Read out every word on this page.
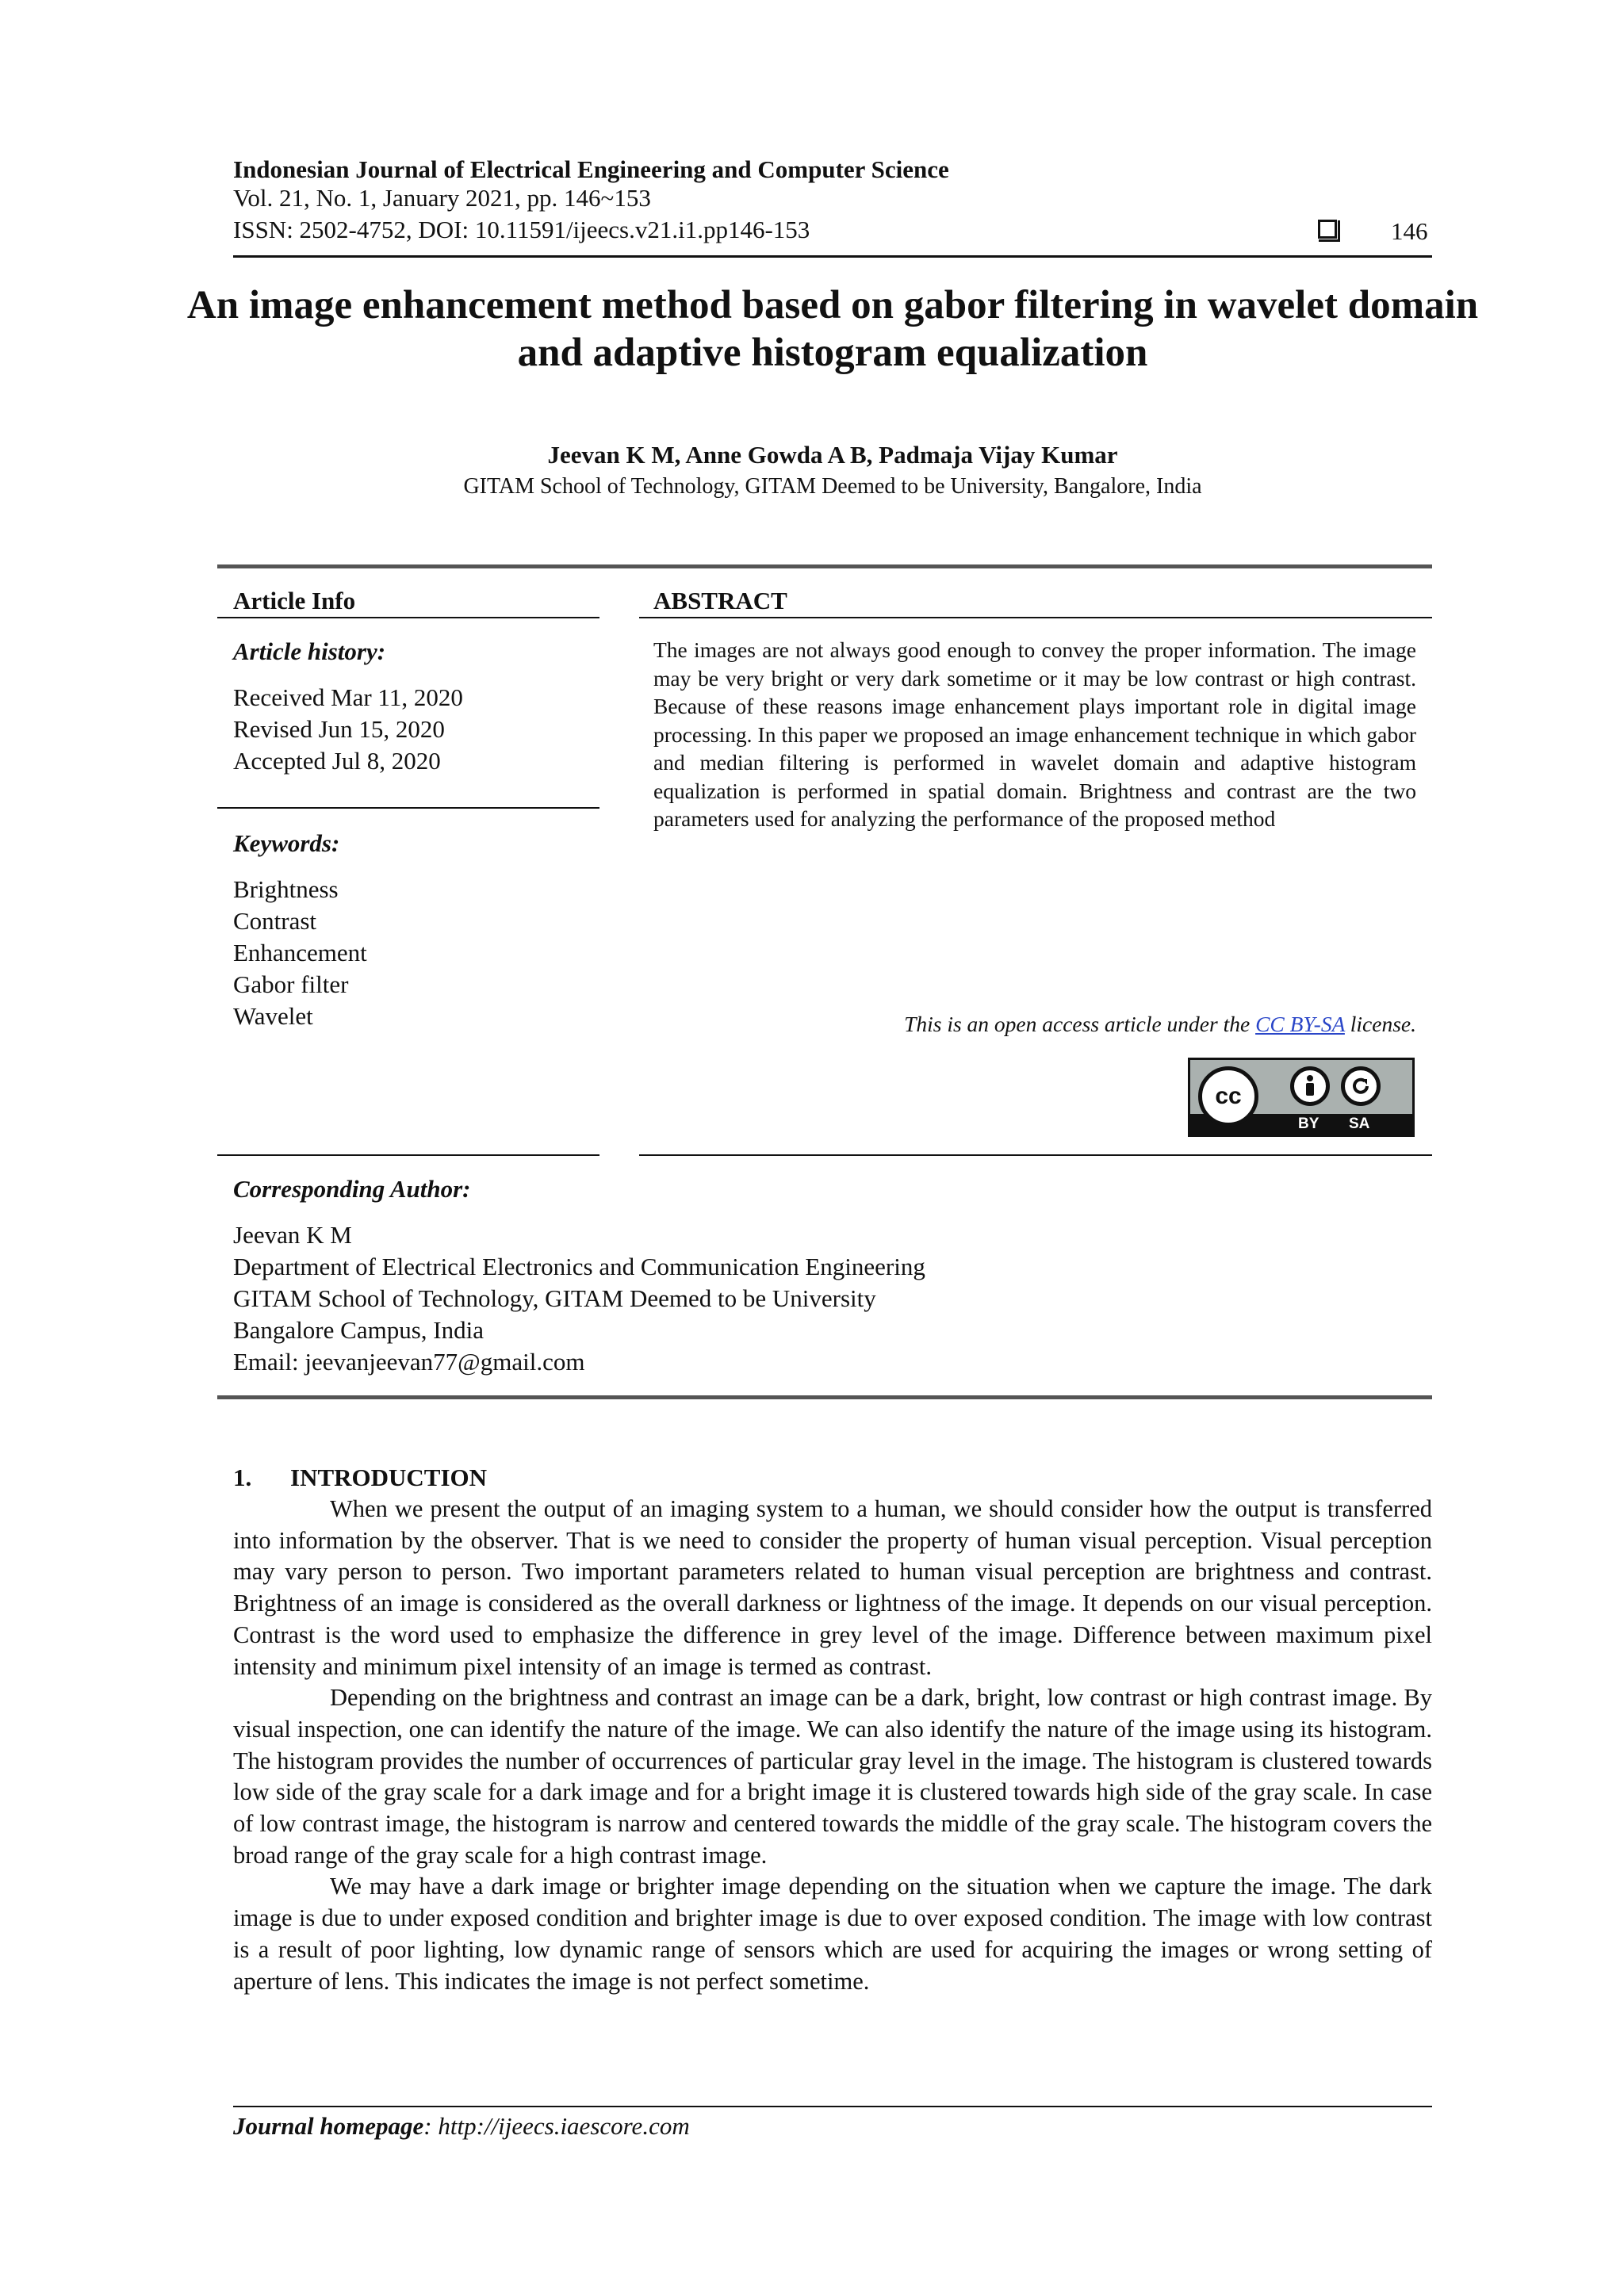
Indonesian Journal of Electrical Engineering and Computer Science
Vol. 21, No. 1, January 2021, pp. 146~153
ISSN: 2502-4752, DOI: 10.11591/ijeecs.v21.i1.pp146-153	146
An image enhancement method based on gabor filtering in wavelet domain and adaptive histogram equalization
Jeevan K M, Anne Gowda A B, Padmaja Vijay Kumar
GITAM School of Technology, GITAM Deemed to be University, Bangalore, India
Article Info
Article history:
Received Mar 11, 2020
Revised Jun 15, 2020
Accepted Jul 8, 2020
Keywords:
Brightness
Contrast
Enhancement
Gabor filter
Wavelet
ABSTRACT
The images are not always good enough to convey the proper information. The image may be very bright or very dark sometime or it may be low contrast or high contrast. Because of these reasons image enhancement plays important role in digital image processing. In this paper we proposed an image enhancement technique in which gabor and median filtering is performed in wavelet domain and adaptive histogram equalization is performed in spatial domain. Brightness and contrast are the two parameters used for analyzing the performance of the proposed method
This is an open access article under the CC BY-SA license.
cc
BY SA
Corresponding Author:
Jeevan K M
Department of Electrical Electronics and Communication Engineering
GITAM School of Technology, GITAM Deemed to be University
Bangalore Campus, India
Email: jeevanjeevan77@gmail.com
1. INTRODUCTION

When we present the output of an imaging system to a human, we should consider how the output is transferred into information by the observer. That is we need to consider the property of human visual perception. Visual perception may vary person to person. Two important parameters related to human visual perception are brightness and contrast. Brightness of an image is considered as the overall darkness or lightness of the image. It depends on our visual perception. Contrast is the word used to emphasize the difference in grey level of the image. Difference between maximum pixel intensity and minimum pixel intensity of an image is termed as contrast.

Depending on the brightness and contrast an image can be a dark, bright, low contrast or high contrast image. By visual inspection, one can identify the nature of the image. We can also identify the nature of the image using its histogram. The histogram provides the number of occurrences of particular gray level in the image. The histogram is clustered towards low side of the gray scale for a dark image and for a bright image it is clustered towards high side of the gray scale. In case of low contrast image, the histogram is narrow and centered towards the middle of the gray scale. The histogram covers the broad range of the gray scale for a high contrast image.

We may have a dark image or brighter image depending on the situation when we capture the image. The dark image is due to under exposed condition and brighter image is due to over exposed condition. The image with low contrast is a result of poor lighting, low dynamic range of sensors which are used for acquiring the images or wrong setting of aperture of lens. This indicates the image is not perfect sometime.

Journal homepage: http://ijeecs.iaescore.com
